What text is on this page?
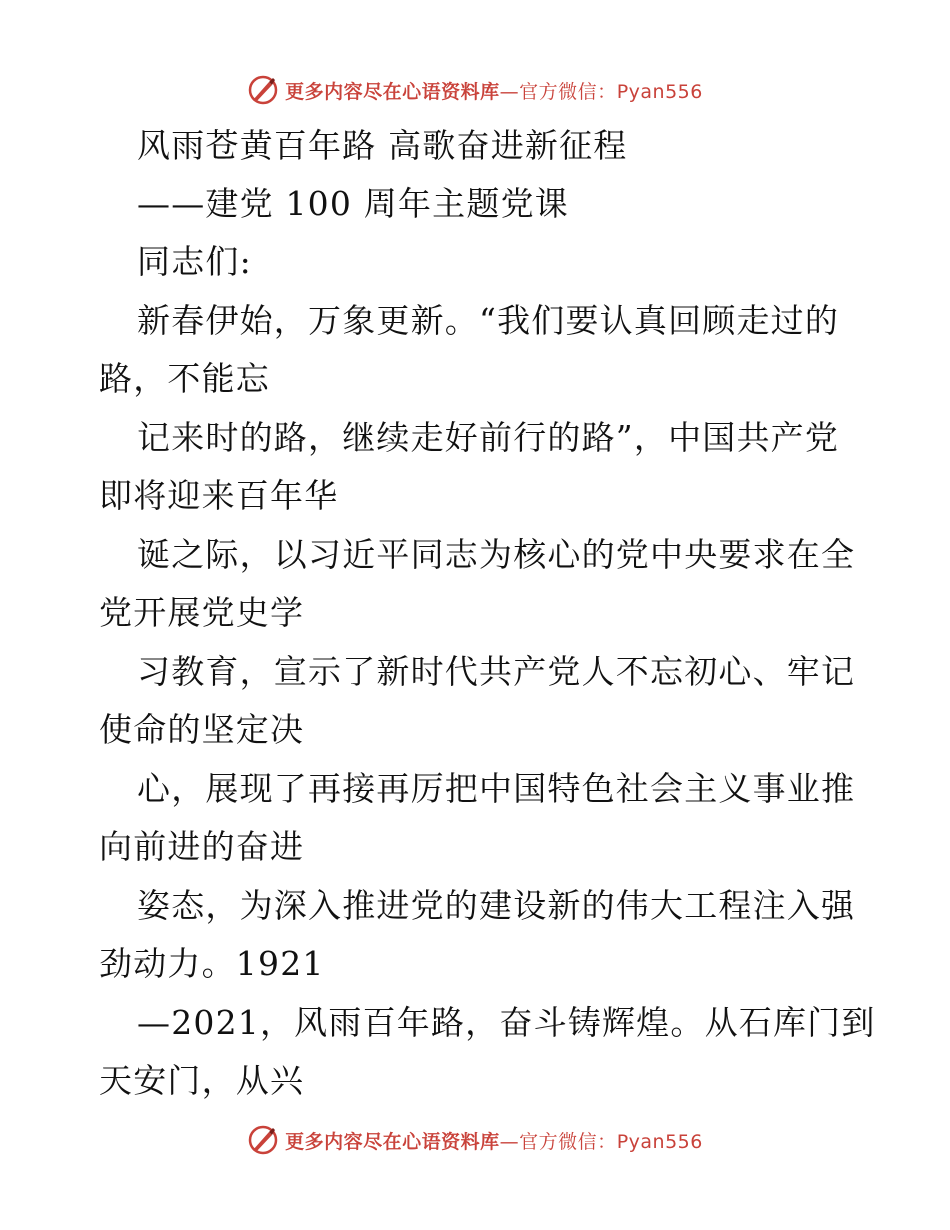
更多内容尽在心语资料库—官方微信：Pyan556
风雨苍黄百年路 高歌奋进新征程
——建党 100 周年主题党课
同志们:
新春伊始，万象更新。“我们要认真回顾走过的
路，不能忘
记来时的路，继续走好前行的路”，中国共产党
即将迎来百年华
诞之际，以习近平同志为核心的党中央要求在全
党开展党史学
习教育，宣示了新时代共产党人不忘初心、牢记
使命的坚定决
心，展现了再接再厉把中国特色社会主义事业推
向前进的奋进
姿态，为深入推进党的建设新的伟大工程注入强
劲动力。1921
—2021，风雨百年路，奋斗铸辉煌。从石库门到
天安门，从兴
更多内容尽在心语资料库—官方微信：Pyan556
